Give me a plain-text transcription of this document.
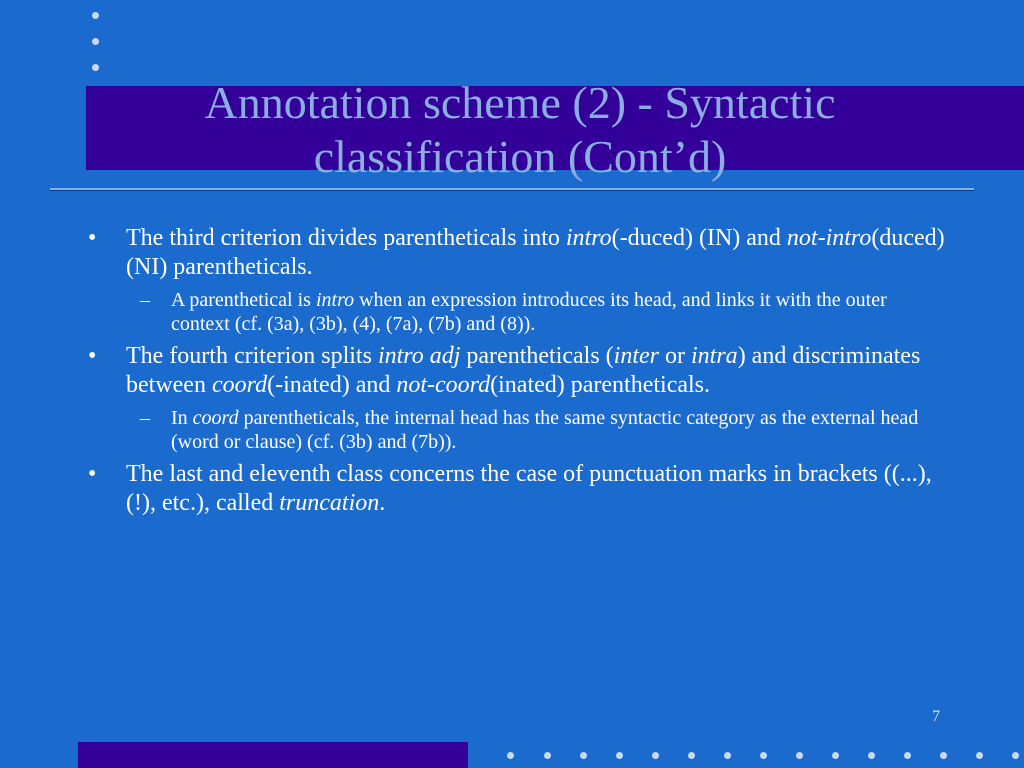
Annotation scheme (2) - Syntactic classification (Cont’d)
• The third criterion divides parentheticals into intro(-duced) (IN) and not-intro(duced) (NI) parentheticals.
– A parenthetical is intro when an expression introduces its head, and links it with the outer context (cf. (3a), (3b), (4), (7a), (7b) and (8)).
• The fourth criterion splits intro adj parentheticals (inter or intra) and discriminates between coord(-inated) and not-coord(inated) parentheticals.
– In coord parentheticals, the internal head has the same syntactic category as the external head (word or clause) (cf. (3b) and (7b)).
• The last and eleventh class concerns the case of punctuation marks in brackets ((...), (!), etc.), called truncation.
7
